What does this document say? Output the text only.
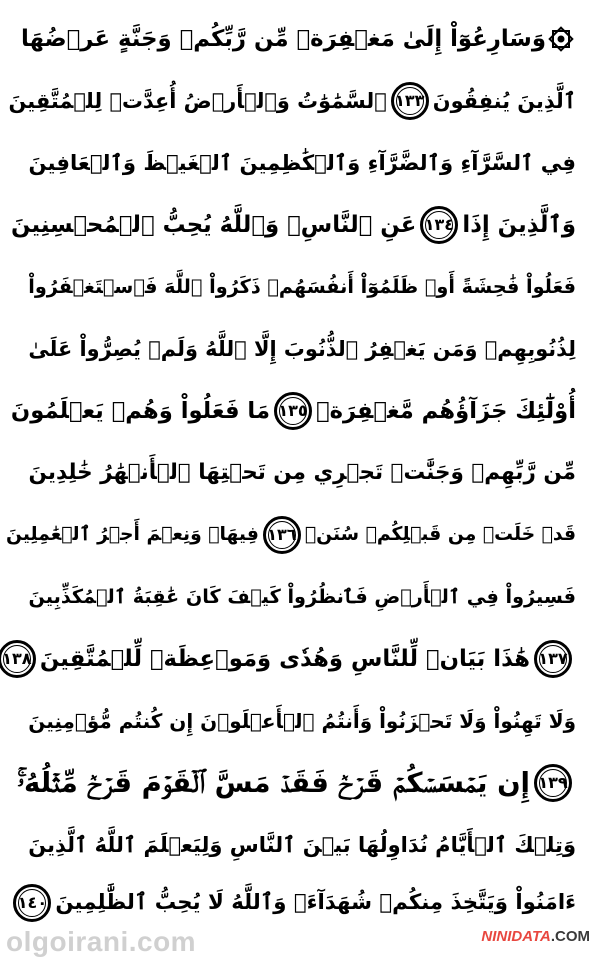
وَسَارِعُوٓاْ إِلَىٰ مَغۡفِرَةٖ مِّن رَّبِّكُمۡ وَجَنَّةٍ عَرۡضُهَا
ٱلَّذِينَ يُنفِقُونَ
١٣٣
ٱلسَّمَٰوَٰتُ وَٱلۡأَرۡضُ أُعِدَّتۡ لِلۡمُتَّقِينَ
فِي ٱلسَّرَّآءِ وَٱلضَّرَّآءِ وَٱلۡكَٰظِمِينَ ٱلۡغَيۡظَ وَٱلۡعَافِينَ
وَٱلَّذِينَ إِذَا
١٣٤
عَنِ ٱلنَّاسِۗ وَٱللَّهُ يُحِبُّ ٱلۡمُحۡسِنِينَ
فَعَلُواْ فَٰحِشَةً أَوۡ ظَلَمُوٓاْ أَنفُسَهُمۡ ذَكَرُواْ ٱللَّهَ فَٱسۡتَغۡفَرُواْ
لِذُنُوبِهِمۡ وَمَن يَغۡفِرُ ٱلذُّنُوبَ إِلَّا ٱللَّهُ وَلَمۡ يُصِرُّواْ عَلَىٰ
أُوْلَٰٓئِكَ جَزَآؤُهُم مَّغۡفِرَةٞ
١٣٥
مَا فَعَلُواْ وَهُمۡ يَعۡلَمُونَ
مِّن رَّبِّهِمۡ وَجَنَّٰتٞ تَجۡرِي مِن تَحۡتِهَا ٱلۡأَنۡهَٰرُ خَٰلِدِينَ
قَدۡ خَلَتۡ مِن قَبۡلِكُمۡ سُنَنٞ
١٣٦
فِيهَاۚ وَنِعۡمَ أَجۡرُ ٱلۡعَٰمِلِينَ
فَسِيرُواْ فِي ٱلۡأَرۡضِ فَٱنظُرُواْ كَيۡفَ كَانَ عَٰقِبَةُ ٱلۡمُكَذِّبِينَ
١٣٧
هَٰذَا بَيَانٞ لِّلنَّاسِ وَهُدٗى وَمَوۡعِظَةٞ لِّلۡمُتَّقِينَ
١٣٨
وَلَا تَهِنُواْ وَلَا تَحۡزَنُواْ وَأَنتُمُ ٱلۡأَعۡلَوۡنَ إِن كُنتُم مُّؤۡمِنِينَ
١٣٩
إِن يَمۡسَسۡكُمۡ قَرۡحٞ فَقَدۡ مَسَّ ٱلۡقَوۡمَ قَرۡحٞ مِّثۡلُهُۥۚ
وَتِلۡكَ ٱلۡأَيَّامُ نُدَاوِلُهَا بَيۡنَ ٱلنَّاسِ وَلِيَعۡلَمَ ٱللَّهُ ٱلَّذِينَ
ءَامَنُواْ وَيَتَّخِذَ مِنكُمۡ شُهَدَآءَۗ وَٱللَّهُ لَا يُحِبُّ ٱلظَّٰلِمِينَ
١٤٠
olgoirani.com	NINIDATA.COM
